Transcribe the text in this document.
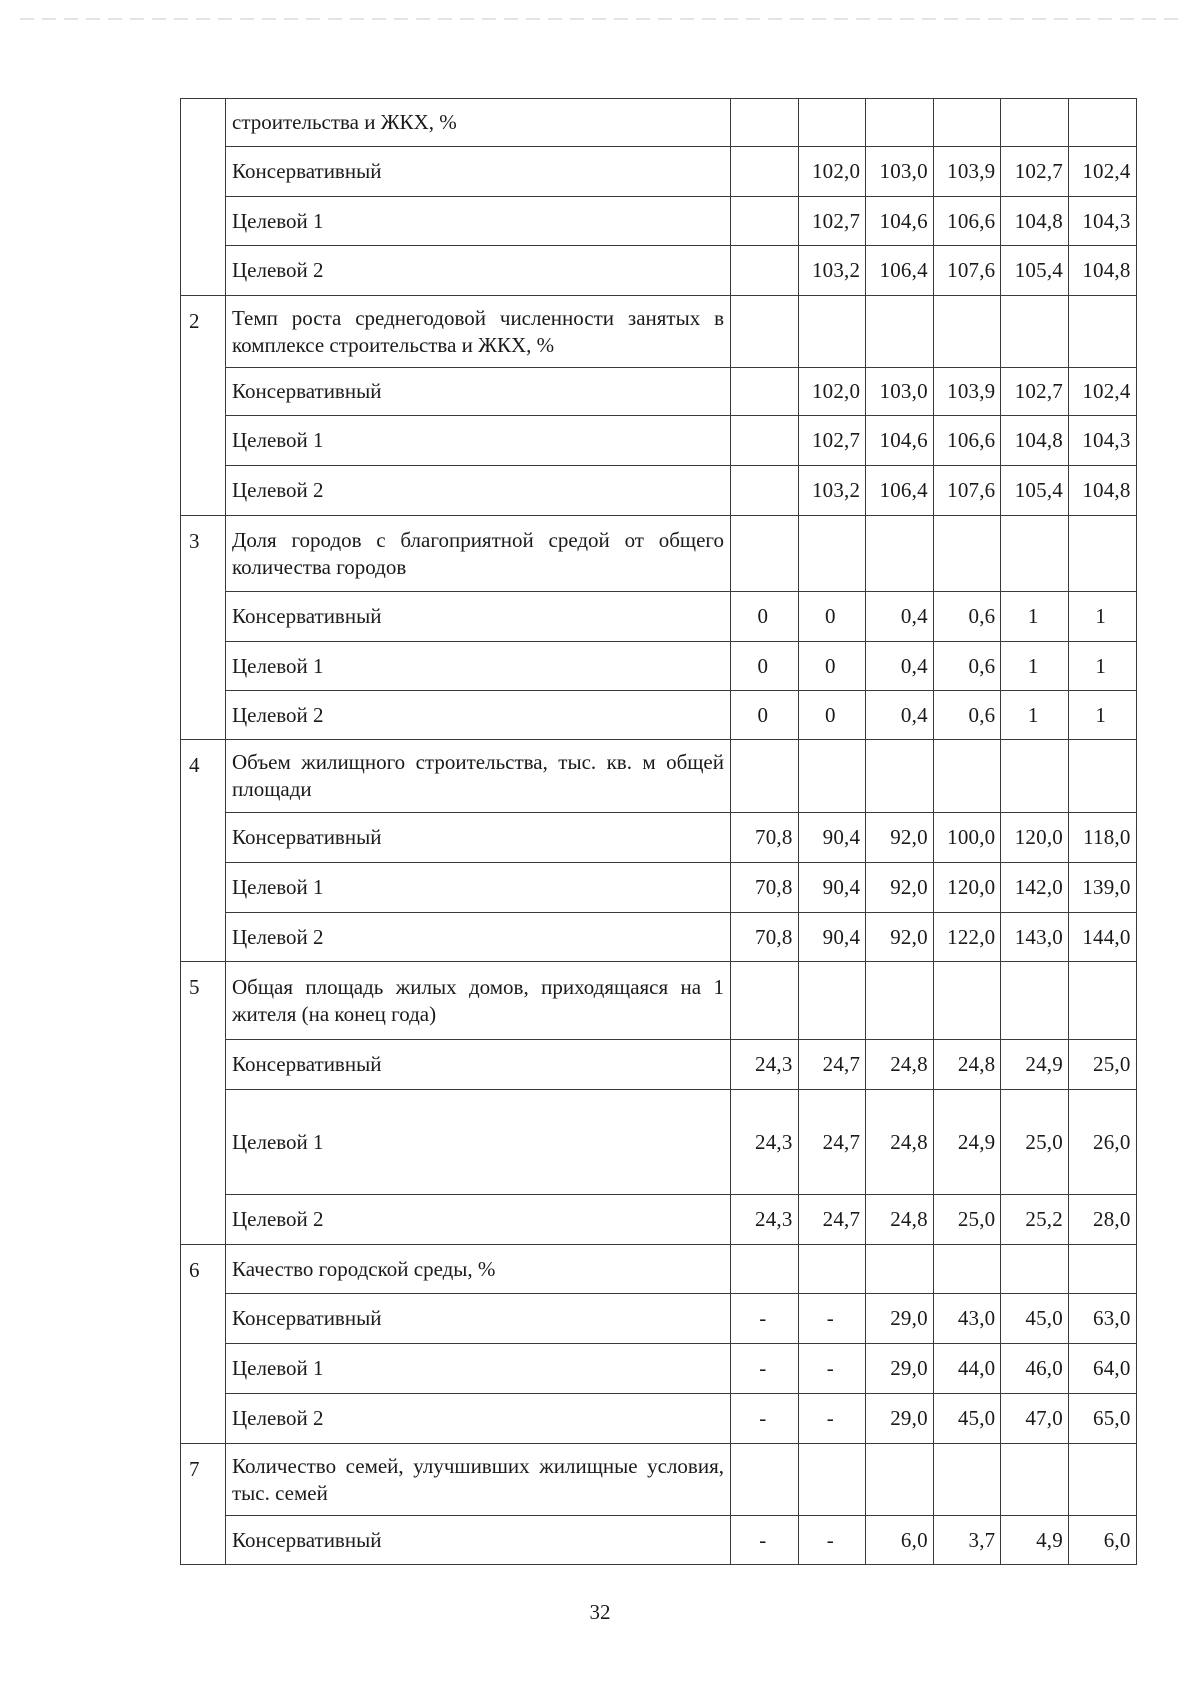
	строительства и ЖКХ, %						
	Консервативный		102,0	103,0	103,9	102,7	102,4
	Целевой 1		102,7	104,6	106,6	104,8	104,3
	Целевой 2		103,2	106,4	107,6	105,4	104,8
2	Темп роста среднегодовой численности занятых в комплексе строительства и ЖКХ, %						
	Консервативный		102,0	103,0	103,9	102,7	102,4
	Целевой 1		102,7	104,6	106,6	104,8	104,3
	Целевой 2		103,2	106,4	107,6	105,4	104,8
3	Доля городов с благоприятной средой от общего количества городов						
	Консервативный	0	0	0,4	0,6	1	1
	Целевой 1	0	0	0,4	0,6	1	1
	Целевой 2	0	0	0,4	0,6	1	1
4	Объем жилищного строительства, тыс. кв. м общей площади						
	Консервативный	70,8	90,4	92,0	100,0	120,0	118,0
	Целевой 1	70,8	90,4	92,0	120,0	142,0	139,0
	Целевой 2	70,8	90,4	92,0	122,0	143,0	144,0
5	Общая площадь жилых домов, приходящаяся на 1 жителя (на конец года)						
	Консервативный	24,3	24,7	24,8	24,8	24,9	25,0
	Целевой 1	24,3	24,7	24,8	24,9	25,0	26,0
	Целевой 2	24,3	24,7	24,8	25,0	25,2	28,0
6	Качество городской среды, %						
	Консервативный	-	-	29,0	43,0	45,0	63,0
	Целевой 1	-	-	29,0	44,0	46,0	64,0
	Целевой 2	-	-	29,0	45,0	47,0	65,0
7	Количество семей, улучшивших жилищные условия, тыс. семей						
	Консервативный	-	-	6,0	3,7	4,9	6,0
32
